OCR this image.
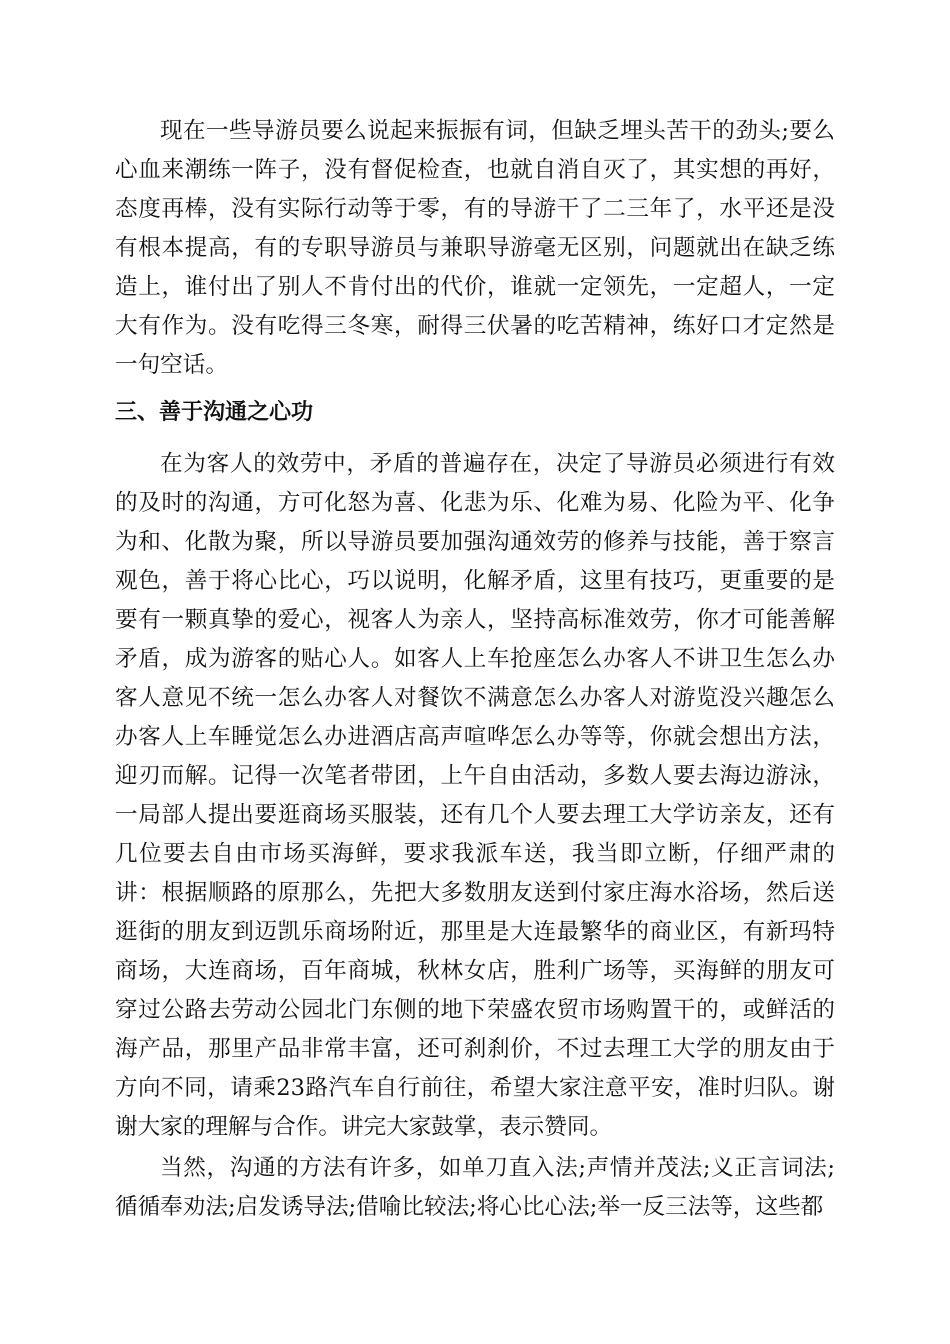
现在一些导游员要么说起来振振有词，但缺乏埋头苦干的劲头;要么心血来潮练一阵子，没有督促检查，也就自消自灭了，其实想的再好，态度再棒，没有实际行动等于零，有的导游干了二三年了，水平还是没有根本提高，有的专职导游员与兼职导游毫无区别，问题就出在缺乏练造上，谁付出了别人不肯付出的代价，谁就一定领先，一定超人，一定大有作为。没有吃得三冬寒，耐得三伏暑的吃苦精神，练好口才定然是一句空话。

三、善于沟通之心功

在为客人的效劳中，矛盾的普遍存在，决定了导游员必须进行有效的及时的沟通，方可化怒为喜、化悲为乐、化难为易、化险为平、化争为和、化散为聚，所以导游员要加强沟通效劳的修养与技能，善于察言观色，善于将心比心，巧以说明，化解矛盾，这里有技巧，更重要的是要有一颗真挚的爱心，视客人为亲人，坚持高标准效劳，你才可能善解矛盾，成为游客的贴心人。如客人上车抢座怎么办客人不讲卫生怎么办客人意见不统一怎么办客人对餐饮不满意怎么办客人对游览没兴趣怎么办客人上车睡觉怎么办进酒店高声喧哗怎么办等等，你就会想出方法，迎刃而解。记得一次笔者带团，上午自由活动，多数人要去海边游泳，一局部人提出要逛商场买服装，还有几个人要去理工大学访亲友，还有几位要去自由市场买海鲜，要求我派车送，我当即立断，仔细严肃的讲：根据顺路的原那么，先把大多数朋友送到付家庄海水浴场，然后送逛街的朋友到迈凯乐商场附近，那里是大连最繁华的商业区，有新玛特商场，大连商场，百年商城，秋林女店，胜利广场等，买海鲜的朋友可穿过公路去劳动公园北门东侧的地下荣盛农贸市场购置干的，或鲜活的海产品，那里产品非常丰富，还可刹刹价，不过去理工大学的朋友由于方向不同，请乘23路汽车自行前往，希望大家注意平安，准时归队。谢谢大家的理解与合作。讲完大家鼓掌，表示赞同。

当然，沟通的方法有许多，如单刀直入法;声情并茂法;义正言词法;循循奉劝法;启发诱导法;借喻比较法;将心比心法;举一反三法等，这些都
